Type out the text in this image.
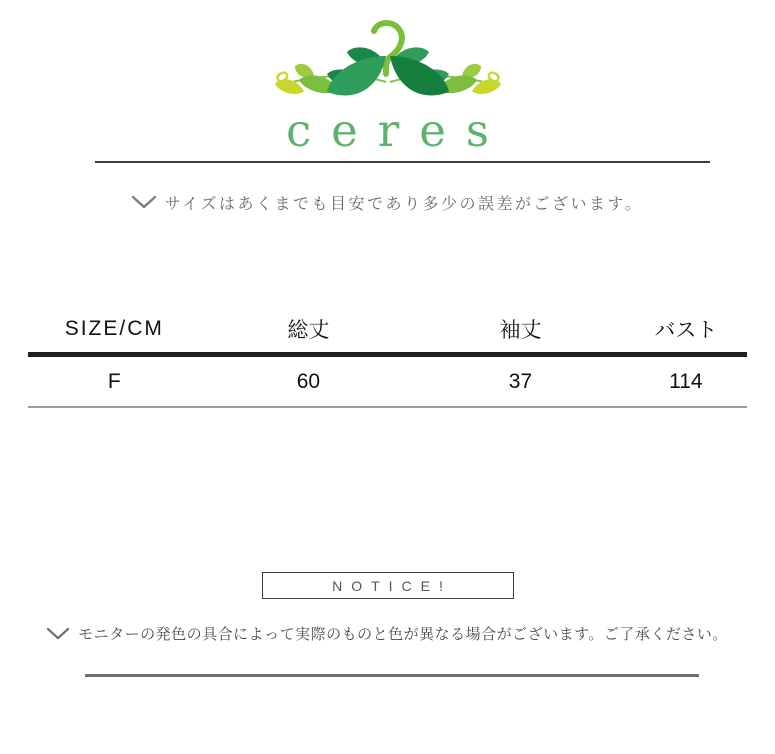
ceres
サイズはあくまでも目安であり多少の誤差がございます。
SIZE/CM	総丈	袖丈	バスト
F	60	37	114
NOTICE!
モニターの発色の具合によって実際のものと色が異なる場合がございます。ご了承ください。
